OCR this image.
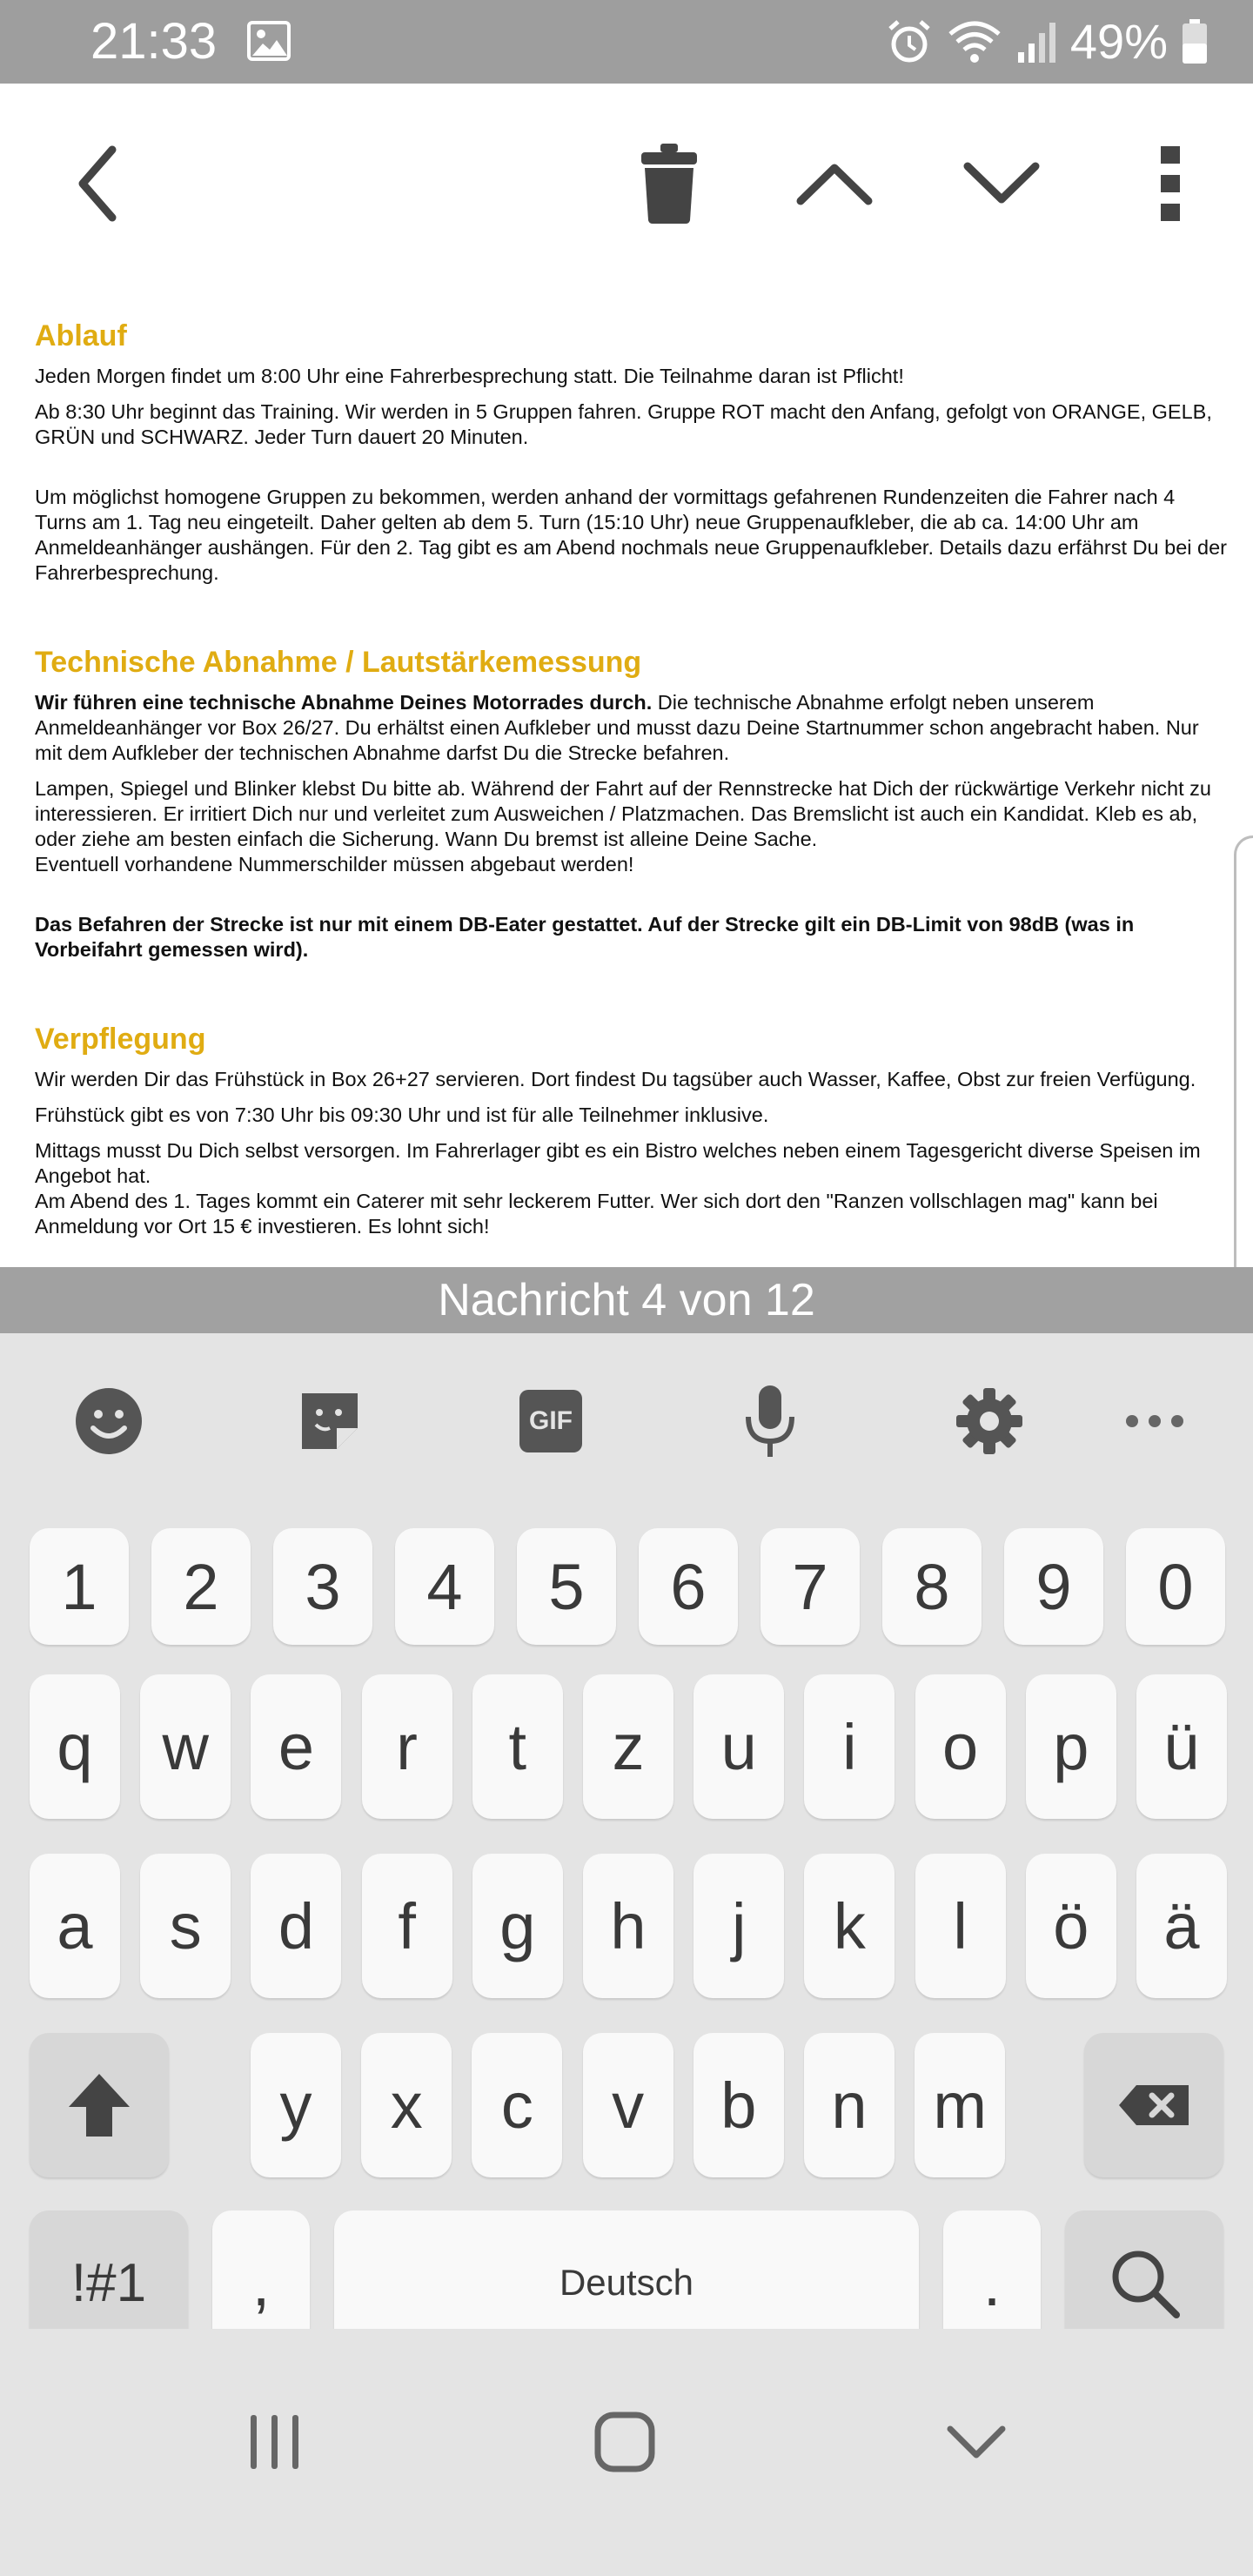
21:33	49%
Ablauf

Jeden Morgen findet um 8:00 Uhr eine Fahrerbesprechung statt. Die Teilnahme daran ist Pflicht!

Ab 8:30 Uhr beginnt das Training. Wir werden in 5 Gruppen fahren. Gruppe ROT macht den Anfang, gefolgt von ORANGE, GELB, GRÜN und SCHWARZ. Jeder Turn dauert 20 Minuten.

Um möglichst homogene Gruppen zu bekommen, werden anhand der vormittags gefahrenen Rundenzeiten die Fahrer nach 4 Turns am 1. Tag neu eingeteilt. Daher gelten ab dem 5. Turn (15:10 Uhr) neue Gruppenaufkleber, die ab ca. 14:00 Uhr am Anmeldeanhänger aushängen. Für den 2. Tag gibt es am Abend nochmals neue Gruppenaufkleber. Details dazu erfährst Du bei der Fahrerbesprechung.

Technische Abnahme / Lautstärkemessung

Wir führen eine technische Abnahme Deines Motorrades durch. Die technische Abnahme erfolgt neben unserem Anmeldeanhänger vor Box 26/27. Du erhältst einen Aufkleber und musst dazu Deine Startnummer schon angebracht haben. Nur mit dem Aufkleber der technischen Abnahme darfst Du die Strecke befahren.

Lampen, Spiegel und Blinker klebst Du bitte ab. Während der Fahrt auf der Rennstrecke hat Dich der rückwärtige Verkehr nicht zu interessieren. Er irritiert Dich nur und verleitet zum Ausweichen / Platzmachen. Das Bremslicht ist auch ein Kandidat. Kleb es ab, oder ziehe am besten einfach die Sicherung. Wann Du bremst ist alleine Deine Sache.

Eventuell vorhandene Nummerschilder müssen abgebaut werden!

Das Befahren der Strecke ist nur mit einem DB-Eater gestattet. Auf der Strecke gilt ein DB-Limit von 98dB (was in Vorbeifahrt gemessen wird).

Verpflegung

Wir werden Dir das Frühstück in Box 26+27 servieren. Dort findest Du tagsüber auch Wasser, Kaffee, Obst zur freien Verfügung.

Frühstück gibt es von 7:30 Uhr bis 09:30 Uhr und ist für alle Teilnehmer inklusive.

Mittags musst Du Dich selbst versorgen. Im Fahrerlager gibt es ein Bistro welches neben einem Tagesgericht diverse Speisen im Angebot hat.

Am Abend des 1. Tages kommt ein Caterer mit sehr leckerem Futter. Wer sich dort den "Ranzen vollschlagen mag" kann bei Anmeldung vor Ort 15 € investieren. Es lohnt sich!

Nachricht 4 von 12
GIF
1	2	3	4	5	6	7	8	9	0
q	w	e	r	t	z	u	i	o	p	ü
a	s	d	f	g	h	j	k	l	ö	ä
y	x	c	v	b	n	m
!#1	,	Deutsch	.
